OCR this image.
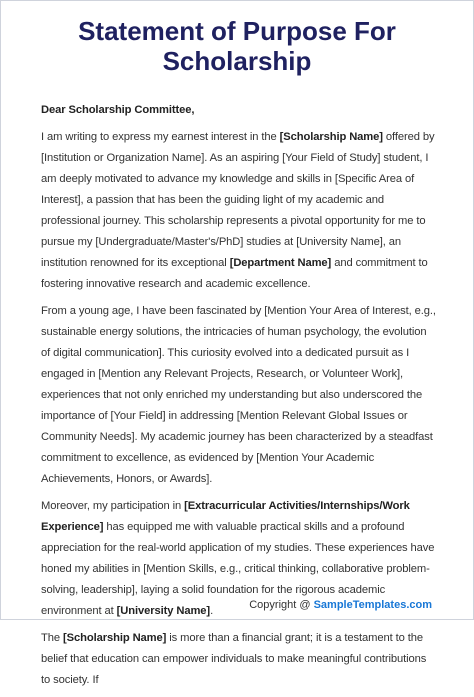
Statement of Purpose For
Scholarship

Dear Scholarship Committee,

I am writing to express my earnest interest in the [Scholarship Name] offered by [Institution or Organization Name]. As an aspiring [Your Field of Study] student, I am deeply motivated to advance my knowledge and skills in [Specific Area of Interest], a passion that has been the guiding light of my academic and professional journey. This scholarship represents a pivotal opportunity for me to pursue my [Undergraduate/Master's/PhD] studies at [University Name], an institution renowned for its exceptional [Department Name] and commitment to fostering innovative research and academic excellence.

From a young age, I have been fascinated by [Mention Your Area of Interest, e.g., sustainable energy solutions, the intricacies of human psychology, the evolution of digital communication]. This curiosity evolved into a dedicated pursuit as I engaged in [Mention any Relevant Projects, Research, or Volunteer Work], experiences that not only enriched my understanding but also underscored the importance of [Your Field] in addressing [Mention Relevant Global Issues or Community Needs]. My academic journey has been characterized by a steadfast commitment to excellence, as evidenced by [Mention Your Academic Achievements, Honors, or Awards].

Moreover, my participation in [Extracurricular Activities/Internships/Work Experience] has equipped me with valuable practical skills and a profound appreciation for the real-world application of my studies. These experiences have honed my abilities in [Mention Skills, e.g., critical thinking, collaborative problem-solving, leadership], laying a solid foundation for the rigorous academic environment at [University Name].

The [Scholarship Name] is more than a financial grant; it is a testament to the belief that education can empower individuals to make meaningful contributions to society. If

Copyright @ SampleTemplates.com
